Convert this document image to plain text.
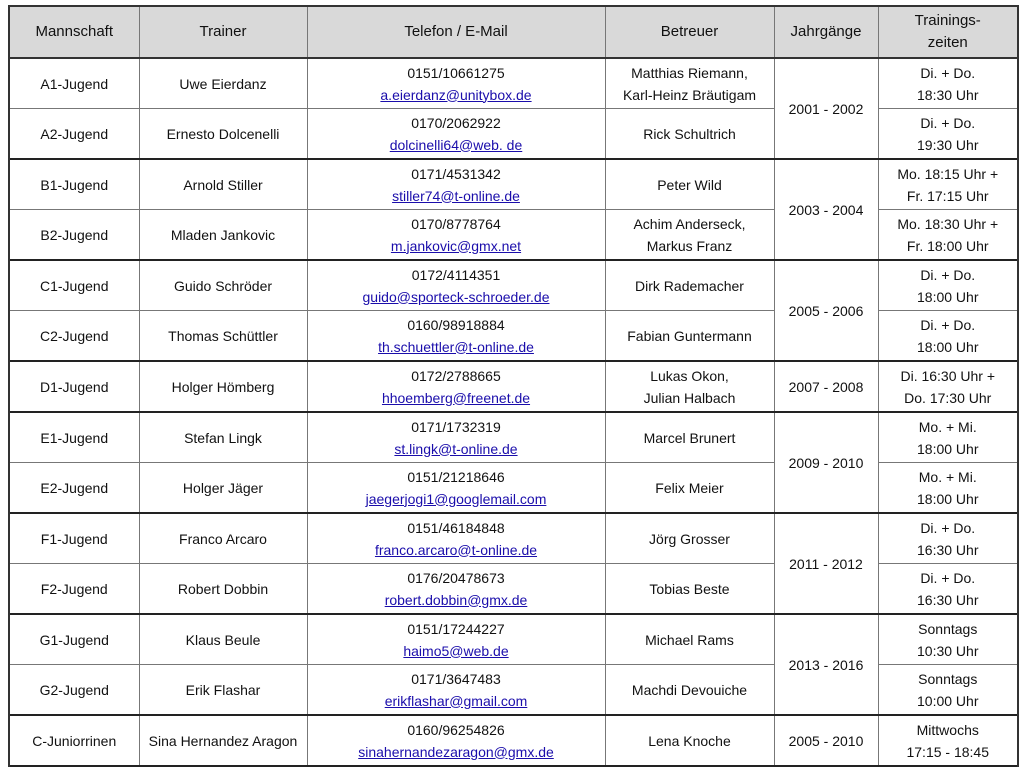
Mannschaft	Trainer	Telefon / E-Mail	Betreuer	Jahrgänge	Trainings-
zeiten

A1-Jugend	Uwe Eierdanz	0151/10661275
a.eierdanz@unitybox.de	Matthias Riemann,
Karl-Heinz Bräutigam	2001 - 2002	Di. + Do.
18:30 Uhr

A2-Jugend	Ernesto Dolcenelli	0170/2062922
dolcinelli64@web. de	Rick Schultrich		Di. + Do.
19:30 Uhr

B1-Jugend	Arnold Stiller	0171/4531342
stiller74@t-online.de	Peter Wild	2003 - 2004	Mo. 18:15 Uhr +
Fr. 17:15 Uhr

B2-Jugend	Mladen Jankovic	0170/8778764
m.jankovic@gmx.net	Achim Anderseck,
Markus Franz		Mo. 18:30 Uhr +
Fr. 18:00 Uhr

C1-Jugend	Guido Schröder	0172/4114351
guido@sporteck-schroeder.de	Dirk Rademacher	2005 - 2006	Di. + Do.
18:00 Uhr

C2-Jugend	Thomas Schüttler	0160/98918884
th.schuettler@t-online.de	Fabian Guntermann		Di. + Do.
18:00 Uhr

D1-Jugend	Holger Hömberg	0172/2788665
hhoemberg@freenet.de	Lukas Okon,
Julian Halbach	2007 - 2008	Di. 16:30 Uhr +
Do. 17:30 Uhr

E1-Jugend	Stefan Lingk	0171/1732319
st.lingk@t-online.de	Marcel Brunert	2009 - 2010	Mo. + Mi.
18:00 Uhr

E2-Jugend	Holger Jäger	0151/21218646
jaegerjogi1@googlemail.com	Felix Meier		Mo. + Mi.
18:00 Uhr

F1-Jugend	Franco Arcaro	0151/46184848
franco.arcaro@t-online.de	Jörg Grosser	2011 - 2012	Di. + Do.
16:30 Uhr

F2-Jugend	Robert Dobbin	0176/20478673
robert.dobbin@gmx.de	Tobias Beste		Di. + Do.
16:30 Uhr

G1-Jugend	Klaus Beule	0151/17244227
haimo5@web.de	Michael Rams	2013 - 2016	Sonntags
10:30 Uhr

G2-Jugend	Erik Flashar	0171/3647483
erikflashar@gmail.com	Machdi Devouiche		Sonntags
10:00 Uhr

C-Juniorrinen	Sina Hernandez Aragon	0160/96254826
sinahernandezaragon@gmx.de	Lena Knoche	2005 - 2010	Mittwochs
17:15 - 18:45
